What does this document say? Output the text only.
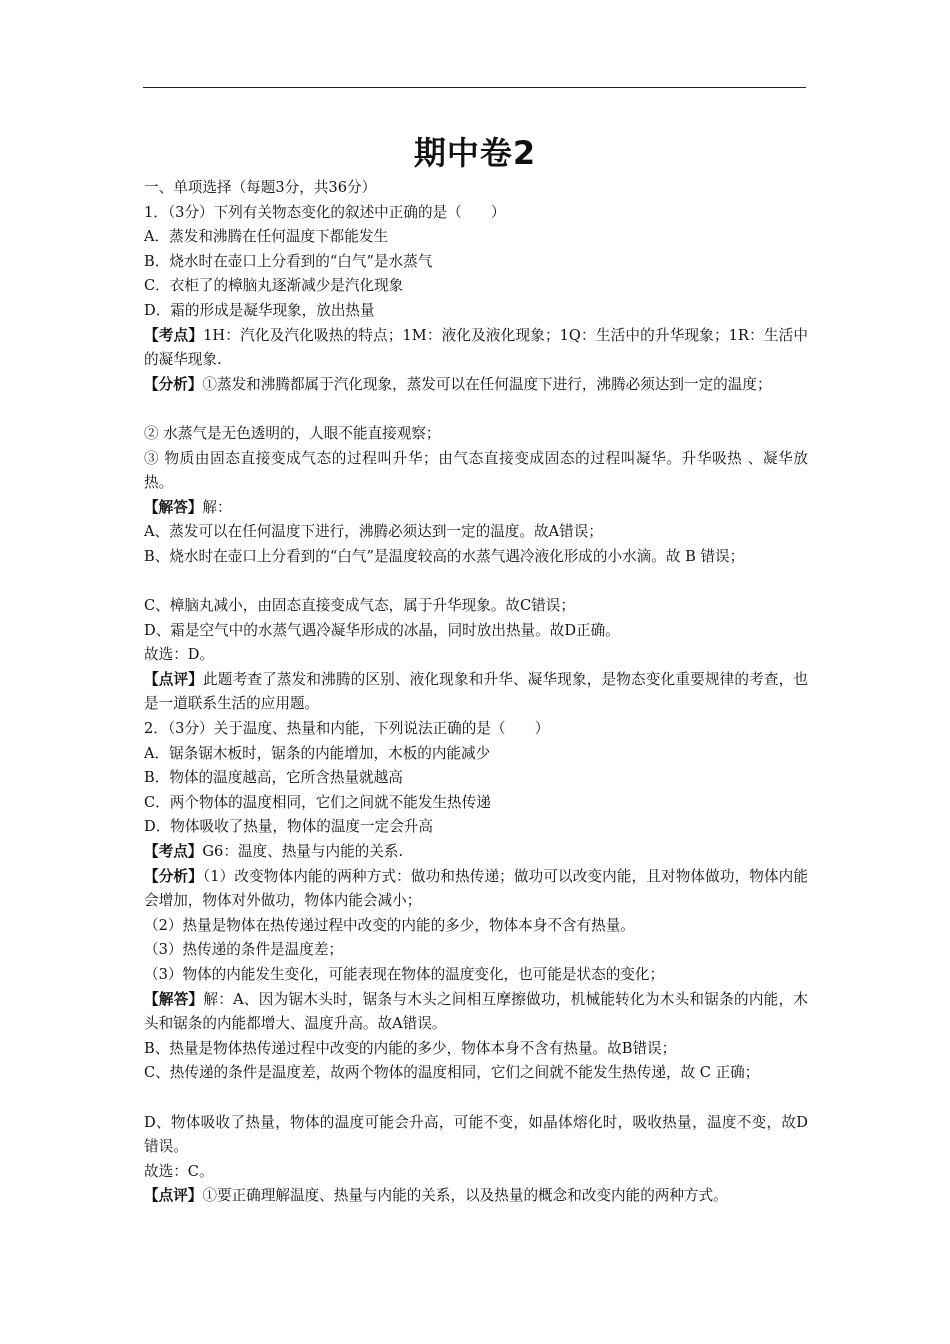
期中卷2
一、单项选择（每题3分，共36分）
1．（3分）下列有关物态变化的叙述中正确的是（　　）
A．蒸发和沸腾在任何温度下都能发生
B．烧水时在壶口上分看到的“白气”是水蒸气
C．衣柜了的樟脑丸逐渐减少是汽化现象
D．霜的形成是凝华现象，放出热量
【考点】1H：汽化及汽化吸热的特点；1M：液化及液化现象；1Q：生活中的升华现象；1R：生活中的凝华现象.
【分析】①蒸发和沸腾都属于汽化现象，蒸发可以在任何温度下进行，沸腾必须达到一定的温度；
② 水蒸气是无色透明的，人眼不能直接观察；
③ 物质由固态直接变成气态的过程叫升华；由气态直接变成固态的过程叫凝华。升华吸热 、凝华放热。
【解答】解：
A、蒸发可以在任何温度下进行，沸腾必须达到一定的温度。故A错误；
B、烧水时在壶口上分看到的“白气”是温度较高的水蒸气遇冷液化形成的小水滴。故 B 错误；
C、樟脑丸减小，由固态直接变成气态，属于升华现象。故C错误；
D、霜是空气中的水蒸气遇冷凝华形成的冰晶，同时放出热量。故D正确。
故选：D。
【点评】此题考查了蒸发和沸腾的区别、液化现象和升华、凝华现象，是物态变化重要规律的考查，也是一道联系生活的应用题。
2．（3分）关于温度、热量和内能，下列说法正确的是（　　）
A．锯条锯木板时，锯条的内能增加，木板的内能减少
B．物体的温度越高，它所含热量就越高
C．两个物体的温度相同，它们之间就不能发生热传递
D．物体吸收了热量，物体的温度一定会升高
【考点】G6：温度、热量与内能的关系.
【分析】（1）改变物体内能的两种方式：做功和热传递；做功可以改变内能，且对物体做功，物体内能会增加，物体对外做功，物体内能会减小；
（2）热量是物体在热传递过程中改变的内能的多少，物体本身不含有热量。
（3）热传递的条件是温度差；
（3）物体的内能发生变化，可能表现在物体的温度变化，也可能是状态的变化；
【解答】解：A、因为锯木头时，锯条与木头之间相互摩擦做功，机械能转化为木头和锯条的内能，木头和锯条的内能都增大、温度升高。故A错误。
B、热量是物体热传递过程中改变的内能的多少，物体本身不含有热量。故B错误；
C、热传递的条件是温度差，故两个物体的温度相同，它们之间就不能发生热传递，故 C 正确；
D、物体吸收了热量，物体的温度可能会升高，可能不变，如晶体熔化时，吸收热量，温度不变，故D错误。
故选：C。
【点评】①要正确理解温度、热量与内能的关系，以及热量的概念和改变内能的两种方式。
